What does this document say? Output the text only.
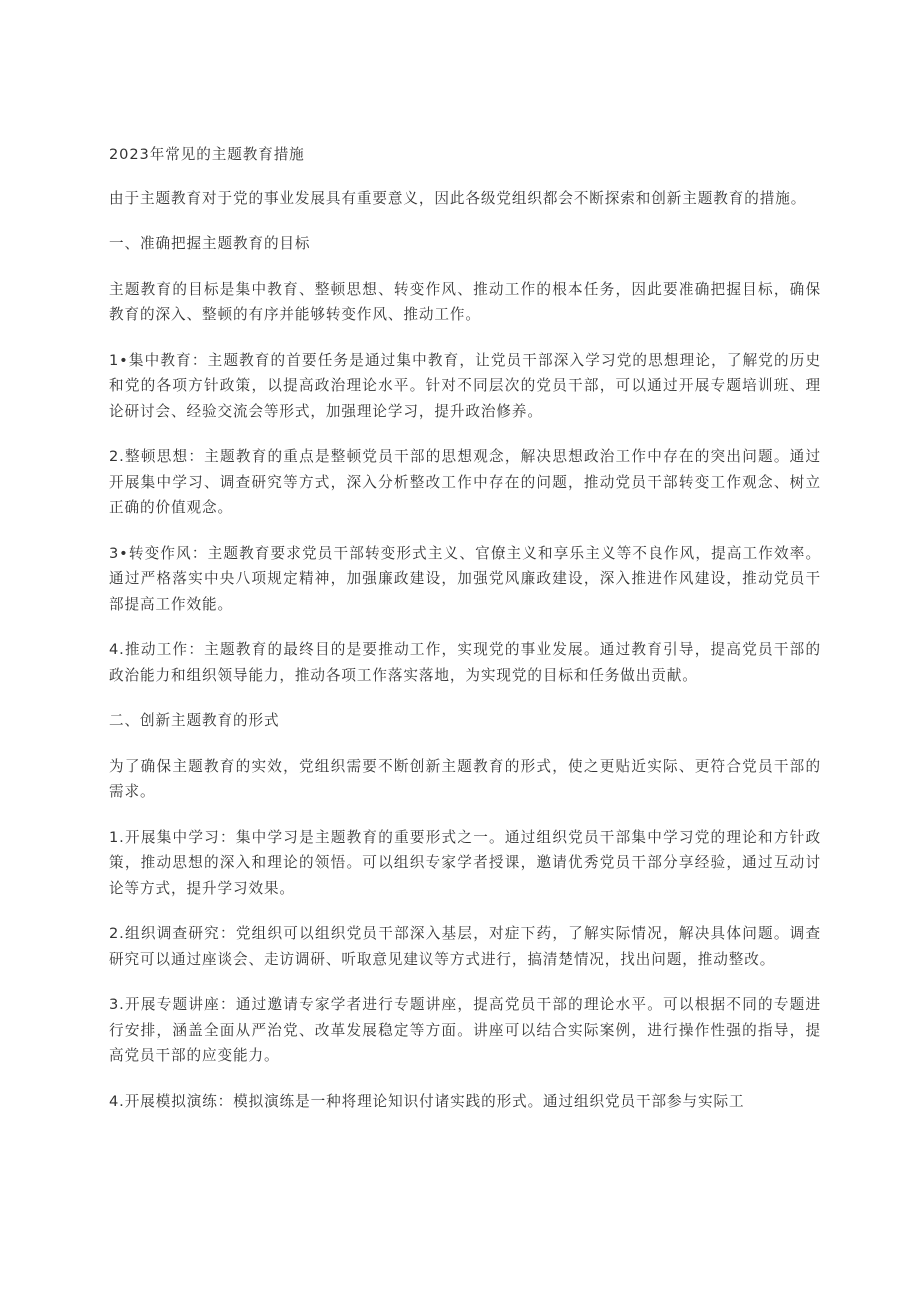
2023年常见的主题教育措施

由于主题教育对于党的事业发展具有重要意义，因此各级党组织都会不断探索和创新主题教育的措施。

一、准确把握主题教育的目标

主题教育的目标是集中教育、整顿思想、转变作风、推动工作的根本任务，因此要准确把握目标，确保教育的深入、整顿的有序并能够转变作风、推动工作。

1•集中教育：主题教育的首要任务是通过集中教育，让党员干部深入学习党的思想理论，了解党的历史和党的各项方针政策，以提高政治理论水平。针对不同层次的党员干部，可以通过开展专题培训班、理论研讨会、经验交流会等形式，加强理论学习，提升政治修养。

2.整顿思想：主题教育的重点是整顿党员干部的思想观念，解决思想政治工作中存在的突出问题。通过开展集中学习、调查研究等方式，深入分析整改工作中存在的问题，推动党员干部转变工作观念、树立正确的价值观念。

3•转变作风：主题教育要求党员干部转变形式主义、官僚主义和享乐主义等不良作风，提高工作效率。通过严格落实中央八项规定精神，加强廉政建设，加强党风廉政建设，深入推进作风建设，推动党员干部提高工作效能。

4.推动工作：主题教育的最终目的是要推动工作，实现党的事业发展。通过教育引导，提高党员干部的政治能力和组织领导能力，推动各项工作落实落地，为实现党的目标和任务做出贡献。

二、创新主题教育的形式

为了确保主题教育的实效，党组织需要不断创新主题教育的形式，使之更贴近实际、更符合党员干部的需求。

1.开展集中学习：集中学习是主题教育的重要形式之一。通过组织党员干部集中学习党的理论和方针政策，推动思想的深入和理论的领悟。可以组织专家学者授课，邀请优秀党员干部分享经验，通过互动讨论等方式，提升学习效果。

2.组织调查研究：党组织可以组织党员干部深入基层，对症下药，了解实际情况，解决具体问题。调查研究可以通过座谈会、走访调研、听取意见建议等方式进行，搞清楚情况，找出问题，推动整改。

3.开展专题讲座：通过邀请专家学者进行专题讲座，提高党员干部的理论水平。可以根据不同的专题进行安排，涵盖全面从严治党、改革发展稳定等方面。讲座可以结合实际案例，进行操作性强的指导，提高党员干部的应变能力。

4.开展模拟演练：模拟演练是一种将理论知识付诸实践的形式。通过组织党员干部参与实际工
